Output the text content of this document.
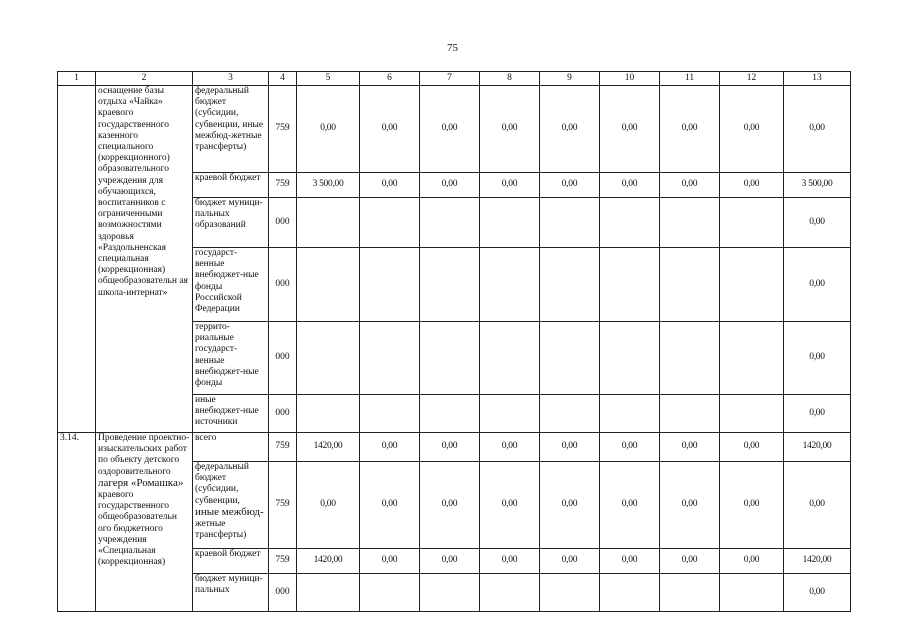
75
1	2	3	4	5	6	7	8	9	10	11	12	13
	оснащение базы отдыха «Чайка» краевого государственного казенного специального (коррекционного) образовательного учреждения для обучающихся, воспитанников с ограниченными возможностями здоровья «Раздольненская специальная (коррекционная) общеобразовательн ая школа-интернат»	федеральный бюджет (субсидии, субвенции, иные межбюд-жетные трансферты)	759	0,00	0,00	0,00	0,00	0,00	0,00	0,00	0,00	0,00
		краевой бюджет	759	3 500,00	0,00	0,00	0,00	0,00	0,00	0,00	0,00	3 500,00
		бюджет муници-пальных образований	000									0,00
		государст-венные внебюджет-ные фонды Российской Федерации	000									0,00
		террито-риальные государст-венные внебюджет-ные фонды	000									0,00
		иные внебюджет-ные источники	000									0,00
3.14.	Проведение проектно-изыскательских работ по объекту детского оздоровительного лагеря «Ромашка» краевого государственного общеобразовательн ого бюджетного учреждения «Специальная (коррекционная)	всего	759	1420,00	0,00	0,00	0,00	0,00	0,00	0,00	0,00	1420,00
		федеральный бюджет (субсидии, субвенции, иные межбюд- жетные трансферты)	759	0,00	0,00	0,00	0,00	0,00	0,00	0,00	0,00	0,00
		краевой бюджет	759	1420,00	0,00	0,00	0,00	0,00	0,00	0,00	0,00	1420,00
		бюджет муници-пальных	000									0,00
